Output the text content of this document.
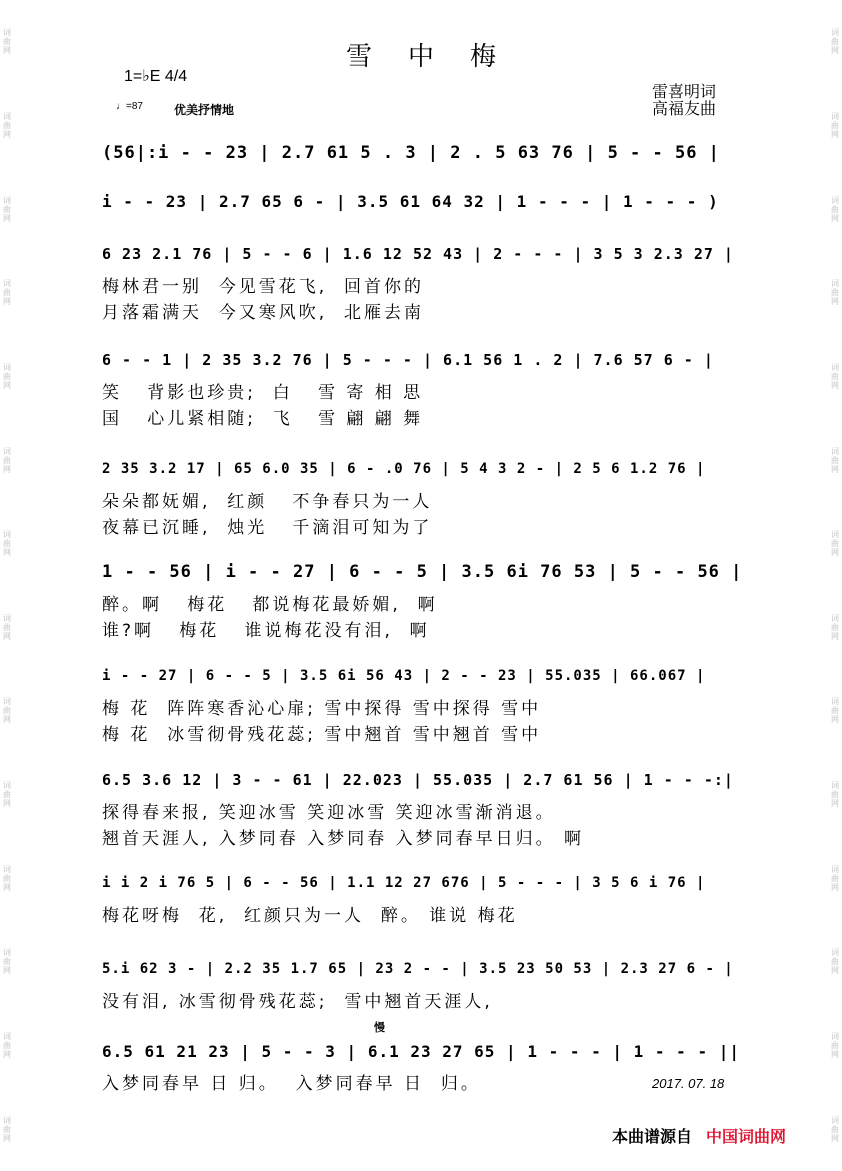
词曲网
词曲网
词曲网
词曲网
词曲网
词曲网
词曲网
词曲网
词曲网
词曲网
词曲网
词曲网
词曲网
词曲网
词曲网
词曲网
词曲网
词曲网
词曲网
词曲网
词曲网
词曲网
词曲网
词曲网
词曲网
词曲网
词曲网
词曲网
雪中梅
1=♭E 4/4
♩=87	优美抒情地
雷喜明词
高福友曲
(56|:i - - 23 | 2.7 61 5 . 3 | 2 . 5 63 76 | 5 - - 56 |
i - - 23 | 2.7 65 6 - | 3.5 61 64 32 | 1 - - - | 1 - - - )
6 23 2.1 76 | 5 - - 6 | 1.6 12 52 43 | 2 - - - | 3 5 3 2.3 27 |
梅林君一别  今见雪花飞,  回首你的
月落霜满天  今又寒风吹,  北雁去南
6 - - 1 | 2 35 3.2 76 | 5 - - - | 6.1 56 1 . 2 | 7.6 57 6 - |
笑   背影也珍贵;  白   雪 寄 相 思
国   心儿紧相随;  飞   雪 翩 翩 舞
2 35 3.2 17 | 65 6.0 35 | 6 - .0 76 | 5 4 3 2 - | 2 5 6 1.2 76 |
朵朵都妩媚,  红颜   不争春只为一人
夜幕已沉睡,  烛光   千滴泪可知为了
1 - - 56 | i - - 27 | 6 - - 5 | 3.5 6i 76 53 | 5 - - 56 |
醉。啊   梅花   都说梅花最娇媚,  啊
谁?啊   梅花   谁说梅花没有泪,  啊
i - - 27 | 6 - - 5 | 3.5 6i 56 43 | 2 - - 23 | 55.035 | 66.067 |
梅 花  阵阵寒香沁心扉; 雪中探得 雪中探得 雪中
梅 花  冰雪彻骨残花蕊; 雪中翘首 雪中翘首 雪中
6.5 3.6 12 | 3 - - 61 | 22.023 | 55.035 | 2.7 61 56 | 1 - - -:|
探得春来报, 笑迎冰雪 笑迎冰雪 笑迎冰雪渐消退。
翘首天涯人, 入梦同春 入梦同春 入梦同春早日归。 啊
i i 2 i 76 5 | 6 - - 56 | 1.1 12 27 676 | 5 - - - | 3 5 6 i 76 |
梅花呀梅  花,  红颜只为一人  醉。 谁说 梅花
5.i 62 3 - | 2.2 35 1.7 65 | 23 2 - - | 3.5 23 50 53 | 2.3 27 6 - |
没有泪, 冰雪彻骨残花蕊;  雪中翘首天涯人,
6.5 61 21 23 | 5 - - 3 | 6.1 23 27 65 | 1 - - - | 1 - - - ||
入梦同春早 日 归。  入梦同春早 日  归。
慢
2017. 07. 18
本曲谱源自 中国词曲网
